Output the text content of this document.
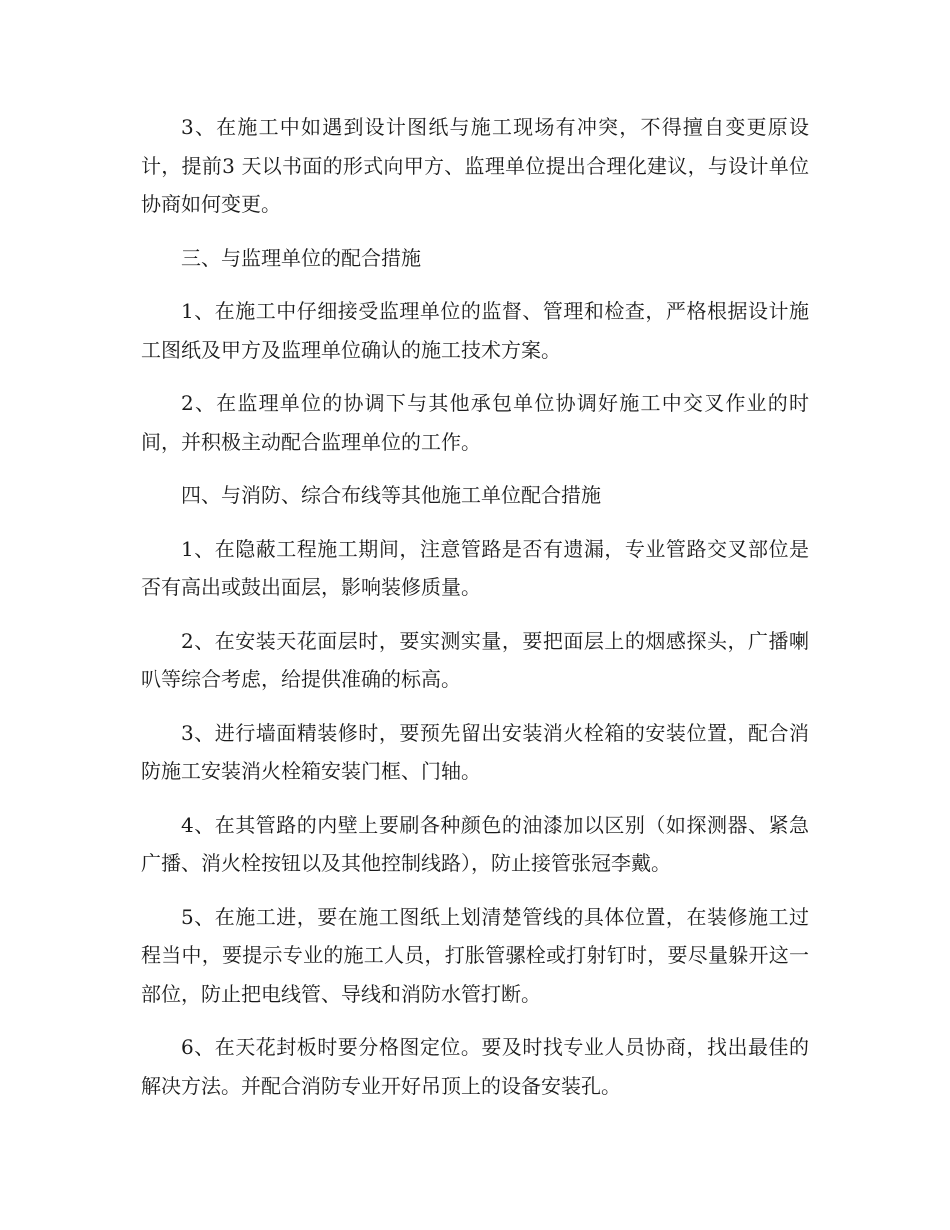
3、在施工中如遇到设计图纸与施工现场有冲突，不得擅自变更原设计，提前3 天以书面的形式向甲方、监理单位提出合理化建议，与设计单位协商如何变更。

三、与监理单位的配合措施

1、在施工中仔细接受监理单位的监督、管理和检查，严格根据设计施工图纸及甲方及监理单位确认的施工技术方案。

2、在监理单位的协调下与其他承包单位协调好施工中交叉作业的时间，并积极主动配合监理单位的工作。

四、与消防、综合布线等其他施工单位配合措施

1、在隐蔽工程施工期间，注意管路是否有遗漏，专业管路交叉部位是否有高出或鼓出面层，影响装修质量。

2、在安装天花面层时，要实测实量，要把面层上的烟感探头，广播喇叭等综合考虑，给提供准确的标高。

3、进行墙面精装修时，要预先留出安装消火栓箱的安装位置，配合消防施工安装消火栓箱安装门框、门轴。

4、在其管路的内壁上要刷各种颜色的油漆加以区别（如探测器、紧急广播、消火栓按钮以及其他控制线路），防止接管张冠李戴。

5、在施工进，要在施工图纸上划清楚管线的具体位置，在装修施工过程当中，要提示专业的施工人员，打胀管骡栓或打射钉时，要尽量躲开这一部位，防止把电线管、导线和消防水管打断。

6、在天花封板时要分格图定位。要及时找专业人员协商，找出最佳的解决方法。并配合消防专业开好吊顶上的设备安装孔。
